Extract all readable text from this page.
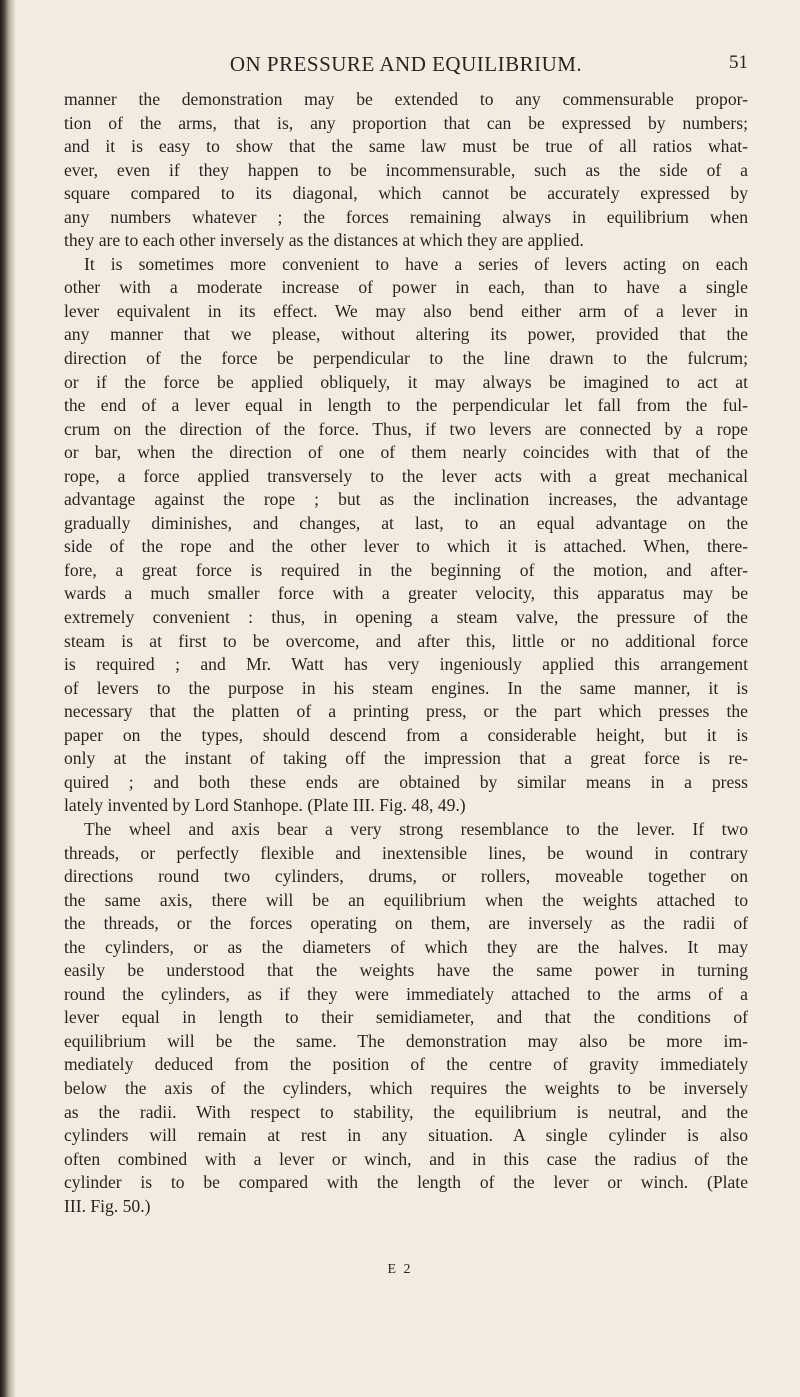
ON PRESSURE AND EQUILIBRIUM.	51
manner the demonstration may be extended to any commensurable propor-
tion of the arms, that is, any proportion that can be expressed by numbers;
and it is easy to show that the same law must be true of all ratios what-
ever, even if they happen to be incommensurable, such as the side of a
square compared to its diagonal, which cannot be accurately expressed by
any numbers whatever ; the forces remaining always in equilibrium when
they are to each other inversely as the distances at which they are applied.
It is sometimes more convenient to have a series of levers acting on each
other with a moderate increase of power in each, than to have a single
lever equivalent in its effect. We may also bend either arm of a lever in
any manner that we please, without altering its power, provided that the
direction of the force be perpendicular to the line drawn to the fulcrum;
or if the force be applied obliquely, it may always be imagined to act at
the end of a lever equal in length to the perpendicular let fall from the ful-
crum on the direction of the force. Thus, if two levers are connected by a rope
or bar, when the direction of one of them nearly coincides with that of the
rope, a force applied transversely to the lever acts with a great mechanical
advantage against the rope ; but as the inclination increases, the advantage
gradually diminishes, and changes, at last, to an equal advantage on the
side of the rope and the other lever to which it is attached. When, there-
fore, a great force is required in the beginning of the motion, and after-
wards a much smaller force with a greater velocity, this apparatus may be
extremely convenient : thus, in opening a steam valve, the pressure of the
steam is at first to be overcome, and after this, little or no additional force
is required ; and Mr. Watt has very ingeniously applied this arrangement
of levers to the purpose in his steam engines. In the same manner, it is
necessary that the platten of a printing press, or the part which presses the
paper on the types, should descend from a considerable height, but it is
only at the instant of taking off the impression that a great force is re-
quired ; and both these ends are obtained by similar means in a press
lately invented by Lord Stanhope. (Plate III. Fig. 48, 49.)
The wheel and axis bear a very strong resemblance to the lever. If two
threads, or perfectly flexible and inextensible lines, be wound in contrary
directions round two cylinders, drums, or rollers, moveable together on
the same axis, there will be an equilibrium when the weights attached to
the threads, or the forces operating on them, are inversely as the radii of
the cylinders, or as the diameters of which they are the halves. It may
easily be understood that the weights have the same power in turning
round the cylinders, as if they were immediately attached to the arms of a
lever equal in length to their semidiameter, and that the conditions of
equilibrium will be the same. The demonstration may also be more im-
mediately deduced from the position of the centre of gravity immediately
below the axis of the cylinders, which requires the weights to be inversely
as the radii. With respect to stability, the equilibrium is neutral, and the
cylinders will remain at rest in any situation. A single cylinder is also
often combined with a lever or winch, and in this case the radius of the
cylinder is to be compared with the length of the lever or winch. (Plate
III. Fig. 50.)
E 2
